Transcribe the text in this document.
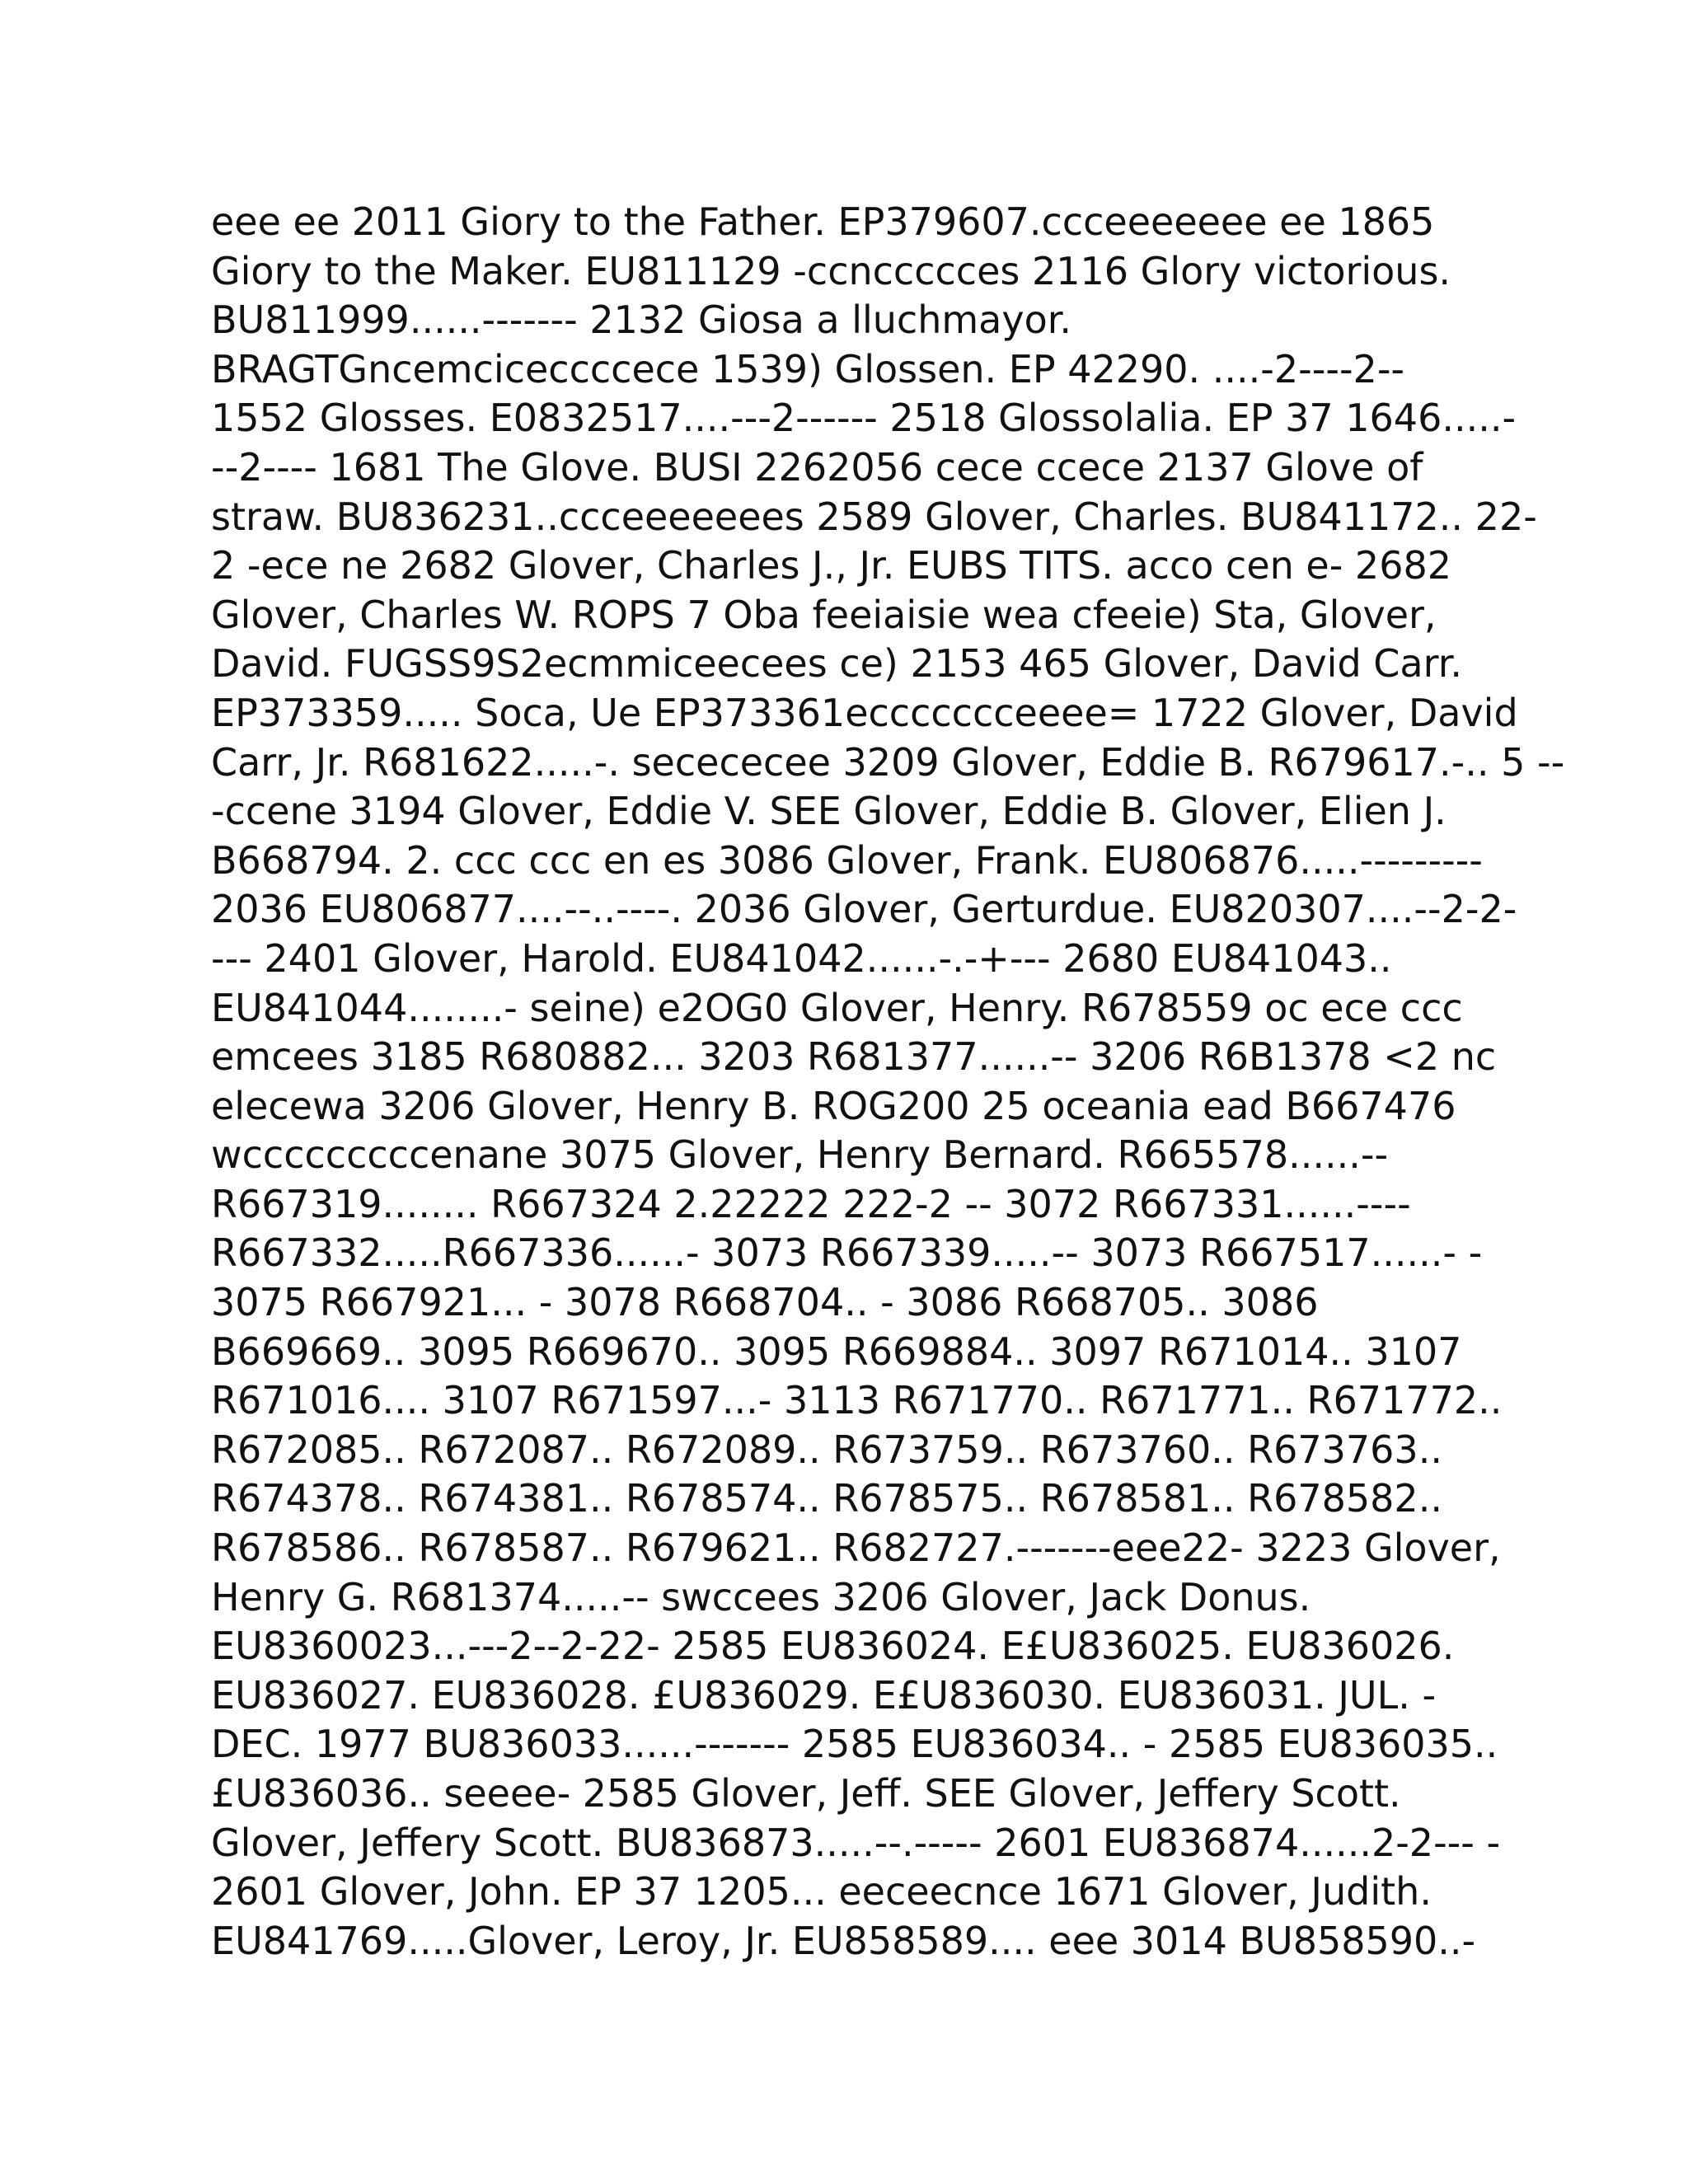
eee ee 2011 Giory to the Father. EP379607.ccceeeeeee ee 1865
Giory to the Maker. EU811129 -ccnccccces 2116 Glory victorious.
BU811999......------- 2132 Giosa a lluchmayor.
BRAGTGncemciceccccece 1539) Glossen. EP 42290. ....-2----2--
1552 Glosses. E0832517....---2------ 2518 Glossolalia. EP 37 1646.....-
--2---- 1681 The Glove. BUSI 2262056 cece ccece 2137 Glove of
straw. BU836231..ccceeeeeees 2589 Glover, Charles. BU841172.. 22-
2 -ece ne 2682 Glover, Charles J., Jr. EUBS TITS. acco cen e- 2682
Glover, Charles W. ROPS 7 Oba feeiaisie wea cfeeie) Sta, Glover,
David. FUGSS9S2ecmmiceecees ce) 2153 465 Glover, David Carr.
EP373359..... Soca, Ue EP373361eccccccceeee= 1722 Glover, David
Carr, Jr. R681622.....-. secececee 3209 Glover, Eddie B. R679617.-.. 5 --
-ccene 3194 Glover, Eddie V. SEE Glover, Eddie B. Glover, Elien J.
B668794. 2. ccc ccc en es 3086 Glover, Frank. EU806876.....---------
2036 EU806877....--..----. 2036 Glover, Gerturdue. EU820307....--2-2-
--- 2401 Glover, Harold. EU841042......-.-+--- 2680 EU841043..
EU841044........- seine) e2OG0 Glover, Henry. R678559 oc ece ccc
emcees 3185 R680882... 3203 R681377......-- 3206 R6B1378 <2 nc
elecewa 3206 Glover, Henry B. ROG200 25 oceania ead B667476
wcccccccccenane 3075 Glover, Henry Bernard. R665578......--
R667319........ R667324 2.22222 222-2 -- 3072 R667331......----
R667332.....R667336......- 3073 R667339.....-- 3073 R667517......- -
3075 R667921... - 3078 R668704.. - 3086 R668705.. 3086
B669669.. 3095 R669670.. 3095 R669884.. 3097 R671014.. 3107
R671016.... 3107 R671597...- 3113 R671770.. R671771.. R671772..
R672085.. R672087.. R672089.. R673759.. R673760.. R673763..
R674378.. R674381.. R678574.. R678575.. R678581.. R678582..
R678586.. R678587.. R679621.. R682727.-------eee22- 3223 Glover,
Henry G. R681374.....-- swccees 3206 Glover, Jack Donus.
EU8360023...---2--2-22- 2585 EU836024. E£U836025. EU836026.
EU836027. EU836028. £U836029. E£U836030. EU836031. JUL. -
DEC. 1977 BU836033......------- 2585 EU836034.. - 2585 EU836035..
£U836036.. seeee- 2585 Glover, Jeff. SEE Glover, Jeffery Scott.
Glover, Jeffery Scott. BU836873.....--.----- 2601 EU836874......2-2--- -
2601 Glover, John. EP 37 1205... eeceecnce 1671 Glover, Judith.
EU841769.....Glover, Leroy, Jr. EU858589.... eee 3014 BU858590..-
